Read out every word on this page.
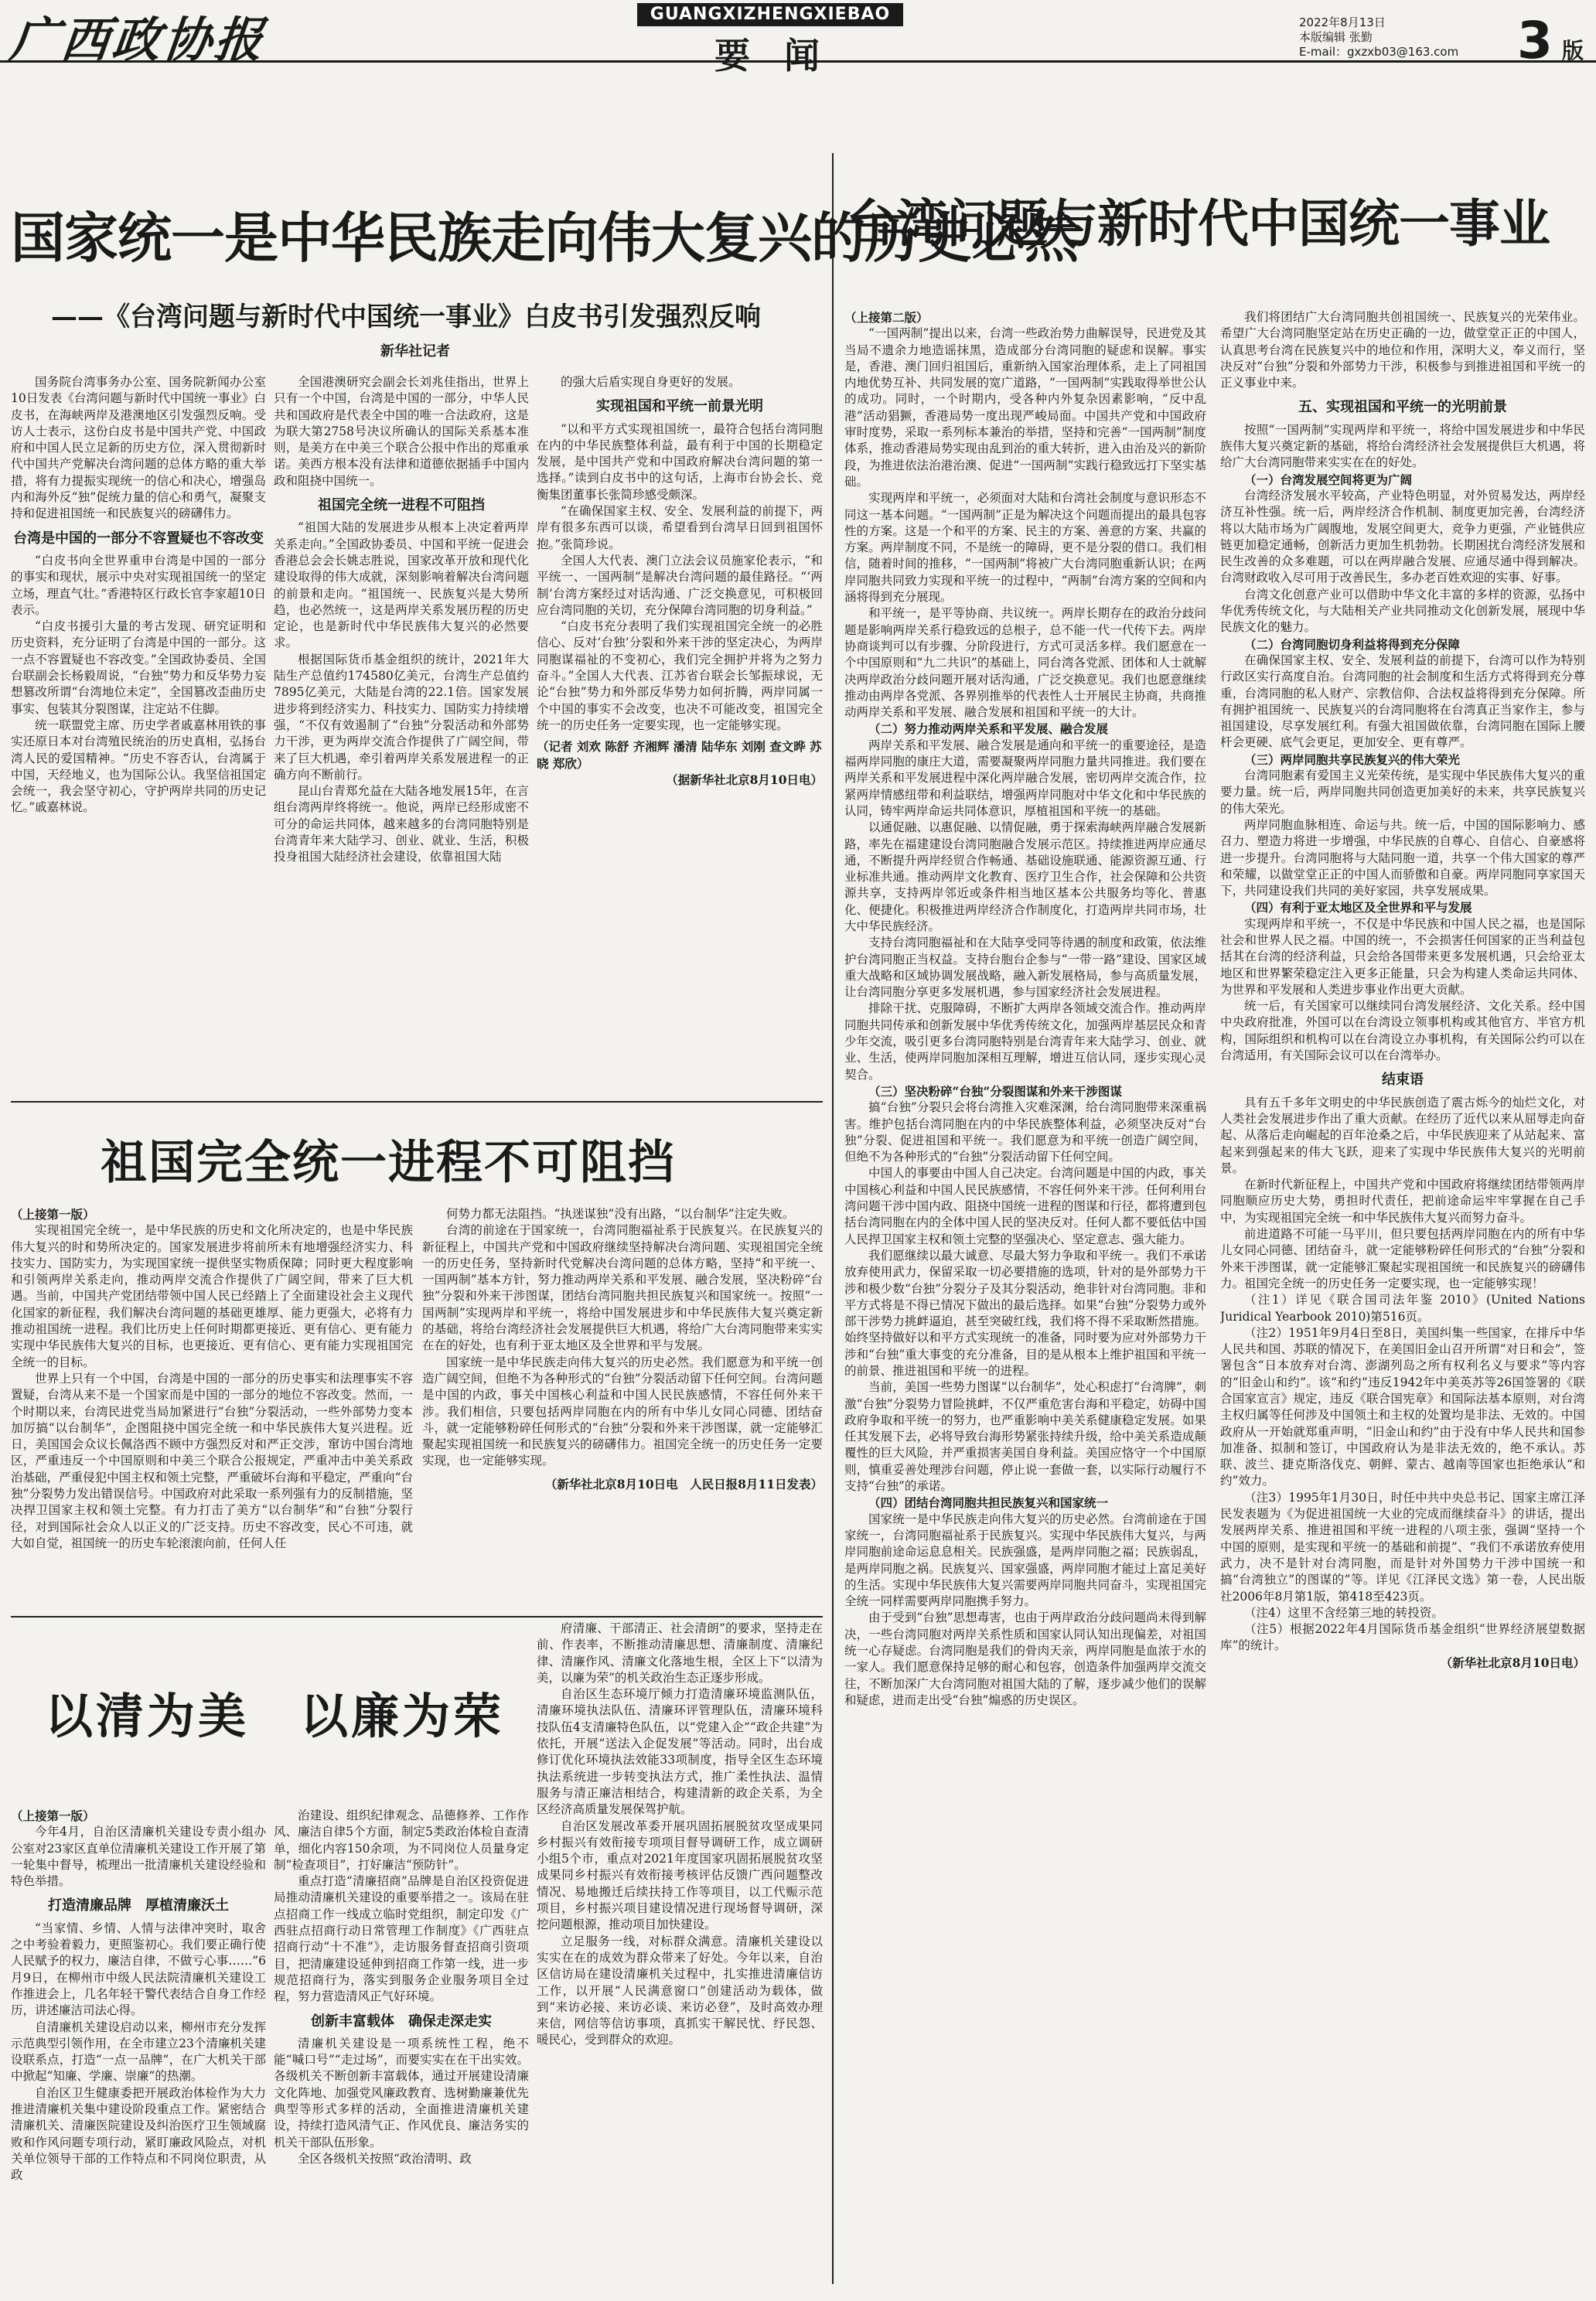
广西政协报	GUANGXIZHENGXIEBAO
要闻
2022年8月13日
本版编辑 张勤
E-mail：gxzxb03@163.com 3 版
国家统一是中华民族走向伟大复兴的历史必然
——《台湾问题与新时代中国统一事业》白皮书引发强烈反响
新华社记者

国务院台湾事务办公室、国务院新闻办公室10日发表《台湾问题与新时代中国统一事业》白皮书，在海峡两岸及港澳地区引发强烈反响。受访人士表示，这份白皮书是中国共产党、中国政府和中国人民立足新的历史方位，深入贯彻新时代中国共产党解决台湾问题的总体方略的重大举措，将有力提振实现统一的信心和决心，增强岛内和海外反“独”促统力量的信心和勇气，凝聚支持和促进祖国统一和民族复兴的磅礴伟力。

台湾是中国的一部分不容置疑也不容改变

“白皮书向全世界重申台湾是中国的一部分的事实和现状，展示中央对实现祖国统一的坚定立场，理直气壮。”香港特区行政长官李家超10日表示。

“白皮书援引大量的考古发现、研究证明和历史资料，充分证明了台湾是中国的一部分。这一点不容置疑也不容改变。”全国政协委员、全国台联副会长杨毅周说，“台独”势力和反华势力妄想篡改所谓“台湾地位未定”，全国篡改歪曲历史事实、包装其分裂图谋，注定站不住脚。

统一联盟党主席、历史学者戚嘉林用铁的事实还原日本对台湾殖民统治的历史真相，弘扬台湾人民的爱国精神。“历史不容否认，台湾属于中国，天经地义，也为国际公认。我坚信祖国定会统一，我会坚守初心，守护两岸共同的历史记忆。”戚嘉林说。

全国港澳研究会副会长刘兆佳指出，世界上只有一个中国，台湾是中国的一部分，中华人民共和国政府是代表全中国的唯一合法政府，这是为联大第2758号决议所确认的国际关系基本准则，是美方在中美三个联合公报中作出的郑重承诺。美西方根本没有法律和道德依据插手中国内政和阻挠中国统一。

祖国完全统一进程不可阻挡

“祖国大陆的发展进步从根本上决定着两岸关系走向。”全国政协委员、中国和平统一促进会香港总会会长姚志胜说，国家改革开放和现代化建设取得的伟大成就，深刻影响着解决台湾问题的前景和走向。“祖国统一、民族复兴是大势所趋，也必然统一，这是两岸关系发展历程的历史定论，也是新时代中华民族伟大复兴的必然要求。

根据国际货币基金组织的统计，2021年大陆生产总值约174580亿美元，台湾生产总值约7895亿美元，大陆是台湾的22.1倍。国家发展进步将到经济实力、科技实力、国防实力持续增强，“不仅有效遏制了“台独”分裂活动和外部势力干涉，更为两岸交流合作提供了广阔空间，带来了巨大机遇，牵引着两岸关系发展进程一的正确方向不断前行。

昆山台青郑允益在大陆各地发展15年，在言组台湾两岸终将统一。他说，两岸已经形成密不可分的命运共同体，越来越多的台湾同胞特别是台湾青年来大陆学习、创业、就业、生活，积极投身祖国大陆经济社会建设，依靠祖国大陆

的强大后盾实现自身更好的发展。

实现祖国和平统一前景光明

“以和平方式实现祖国统一，最符合包括台湾同胞在内的中华民族整体利益，最有利于中国的长期稳定发展，是中国共产党和中国政府解决台湾问题的第一选择。”读到白皮书中的这句话，上海市台协会长、竞衡集团董事长张简珍感受颇深。

“在确保国家主权、安全、发展利益的前提下，两岸有很多东西可以谈，希望看到台湾早日回到祖国怀抱。”张简珍说。

全国人大代表、澳门立法会议员施家伦表示，“和平统一、一国两制”是解决台湾问题的最佳路径。“‘两制’台湾方案经过对话沟通、广泛交换意见，可积极回应台湾同胞的关切，充分保障台湾同胞的切身利益。”

“白皮书充分表明了我们实现祖国完全统一的必胜信心、反对‘台独’分裂和外来干涉的坚定决心，为两岸同胞谋福祉的不变初心，我们完全拥护并将为之努力奋斗。”全国人大代表、江苏省台联会长邹振球说，无论“台独”势力和外部反华势力如何折腾，两岸同属一个中国的事实不会改变，也决不可能改变，祖国完全统一的历史任务一定要实现，也一定能够实现。

（记者 刘欢 陈舒 齐湘辉 潘清 陆华东 刘刚 查文晔 苏晓 郑欣）

（据新华社北京8月10日电）

祖国完全统一进程不可阻挡

（上接第一版）

实现祖国完全统一，是中华民族的历史和文化所决定的，也是中华民族伟大复兴的时和势所决定的。国家发展进步将前所未有地增强经济实力、科技实力、国防实力，为实现国家统一提供坚实物质保障；同时更大程度影响和引领两岸关系走向，推动两岸交流合作提供了广阔空间，带来了巨大机遇。当前，中国共产党团结带领中国人民已经踏上了全面建设社会主义现代化国家的新征程，我们解决台湾问题的基础更雄厚、能力更强大，必将有力推动祖国统一进程。我们比历史上任何时期都更接近、更有信心、更有能力实现中华民族伟大复兴的目标，也更接近、更有信心、更有能力实现祖国完全统一的目标。

世界上只有一个中国，台湾是中国的一部分的历史事实和法理事实不容置疑，台湾从来不是一个国家而是中国的一部分的地位不容改变。然而，一个时期以来，台湾民进党当局加紧进行“台独”分裂活动，一些外部势力变本加厉搞“以台制华”，企图阻挠中国完全统一和中华民族伟大复兴进程。近日，美国国会众议长佩洛西不顾中方强烈反对和严正交涉，窜访中国台湾地区，严重违反一个中国原则和中美三个联合公报规定，严重冲击中美关系政治基础，严重侵犯中国主权和领土完整，严重破坏台海和平稳定，严重向“台独”分裂势力发出错误信号。中国政府对此采取一系列强有力的反制措施，坚决捍卫国家主权和领土完整。有力打击了美方“以台制华”和“台独”分裂行径，对到国际社会众人以正义的广泛支持。历史不容改变，民心不可违，就大如自觉，祖国统一的历史车轮滚滚向前，任何人任

何势力都无法阻挡。“执迷谋独”没有出路，“以台制华”注定失败。

台湾的前途在于国家统一，台湾同胞福祉系于民族复兴。在民族复兴的新征程上，中国共产党和中国政府继续坚持解决台湾问题、实现祖国完全统一的历史任务，坚持新时代党解决台湾问题的总体方略，坚持“和平统一、一国两制”基本方针，努力推动两岸关系和平发展、融合发展，坚决粉碎“台独”分裂和外来干涉图谋，团结台湾同胞共担民族复兴和国家统一。按照“一国两制”实现两岸和平统一，将给中国发展进步和中华民族伟大复兴奠定新的基础，将给台湾经济社会发展提供巨大机遇，将给广大台湾同胞带来实实在在的好处，也有利于亚太地区及全世界和平与发展。

国家统一是中华民族走向伟大复兴的历史必然。我们愿意为和平统一创造广阔空间，但绝不为各种形式的“台独”分裂活动留下任何空间。台湾问题是中国的内政，事关中国核心利益和中国人民民族感情，不容任何外来干涉。我们相信，只要包括两岸同胞在内的所有中华儿女同心同德、团结奋斗，就一定能够粉碎任何形式的“台独”分裂和外来干涉图谋，就一定能够汇聚起实现祖国统一和民族复兴的磅礴伟力。祖国完全统一的历史任务一定要实现，也一定能够实现。

（新华社北京8月10日电　人民日报8月11日发表）

以清为美　以廉为荣

（上接第一版）

今年4月，自治区清廉机关建设专责小组办公室对23家区直单位清廉机关建设工作开展了第一轮集中督导，梳理出一批清廉机关建设经验和特色举措。

打造清廉品牌　厚植清廉沃土

“当家情、乡情、人情与法律冲突时，取舍之中考验着毅力，更照鉴初心。我们要正确行使人民赋予的权力，廉洁自律，不做亏心事……”6月9日，在柳州市中级人民法院清廉机关建设工作推进会上，几名年轻干警代表结合自身工作经历，讲述廉洁司法心得。

自清廉机关建设启动以来，柳州市充分发挥示范典型引领作用，在全市建立23个清廉机关建设联系点，打造“一点一品牌”，在广大机关干部中掀起“知廉、学廉、崇廉”的热潮。

自治区卫生健康委把开展政治体检作为大力推进清廉机关集中建设阶段重点工作。紧密结合清廉机关、清廉医院建设及纠治医疗卫生领域腐败和作风问题专项行动，紧盯廉政风险点，对机关单位领导干部的工作特点和不同岗位职责，从政

治建设、组织纪律观念、品德修养、工作作风、廉洁自律5个方面，制定5类政治体检自查清单，细化内容150余项，为不同岗位人员量身定制“检查项目”，打好廉洁“预防针”。

重点打造“清廉招商”品牌是自治区投资促进局推动清廉机关建设的重要举措之一。该局在驻点招商工作一线成立临时党组织，制定印发《广西驻点招商行动日常管理工作制度》《广西驻点招商行动“十不准”》，走访服务督查招商引资项目，把清廉建设延伸到招商工作第一线，进一步规范招商行为，落实到服务企业服务项目全过程，努力营造清风正气好环境。

创新丰富载体　确保走深走实

清廉机关建设是一项系统性工程，绝不能“喊口号”“走过场”，而要实实在在干出实效。各级机关不断创新丰富载体，通过开展建设清廉文化阵地、加强党风廉政教育、选树勤廉兼优先典型等形式多样的活动，全面推进清廉机关建设，持续打造风清气正、作风优良、廉洁务实的机关干部队伍形象。

全区各级机关按照“政治清明、政

府清廉、干部清正、社会清朗”的要求，坚持走在前、作表率，不断推动清廉思想、清廉制度、清廉纪律、清廉作风、清廉文化落地生根，全区上下“以清为美，以廉为荣”的机关政治生态正逐步形成。

自治区生态环境厅倾力打造清廉环境监测队伍，清廉环境执法队伍、清廉环评管理队伍，清廉环境科技队伍4支清廉特色队伍，以“党建入企”“政企共建”为依托，开展“送法入企促发展”等活动。同时，出台成修订优化环境执法效能33项制度，指导全区生态环境执法系统进一步转变执法方式，推广柔性执法、温情服务与清正廉洁相结合，构建清新的政企关系，为全区经济高质量发展保驾护航。

自治区发展改革委开展巩固拓展脱贫攻坚成果同乡村振兴有效衔接专项项目督导调研工作，成立调研小组5个市，重点对2021年度国家巩固拓展脱贫攻坚成果同乡村振兴有效衔接考核评估反馈广西问题整改情况、易地搬迁后续扶持工作等项目，以工代赈示范项目，乡村振兴项目建设情况进行现场督导调研，深挖问题根源，推动项目加快建设。

立足服务一线，对标群众满意。清廉机关建设以实实在在的成效为群众带来了好处。今年以来，自治区信访局在建设清廉机关过程中，扎实推进清廉信访工作，以开展“人民满意窗口”创建活动为载体，做到“来访必接、来访必谈、来访必登”，及时高效办理来信，网信等信访事项，真抓实干解民忧、纾民怨、暖民心，受到群众的欢迎。

台湾问题与新时代中国统一事业

（上接第二版）

“一国两制”提出以来，台湾一些政治势力曲解误导，民进党及其当局不遗余力地造谣抹黑，造成部分台湾同胞的疑虑和误解。事实是，香港、澳门回归祖国后，重新纳入国家治理体系，走上了同祖国内地优势互补、共同发展的宽广道路，“一国两制”实践取得举世公认的成功。同时，一个时期内，受各种内外复杂因素影响，“反中乱港”活动猖獗，香港局势一度出现严峻局面。中国共产党和中国政府审时度势，采取一系列标本兼治的举措，坚持和完善“一国两制”制度体系，推动香港局势实现由乱到治的重大转折，进入由治及兴的新阶段，为推进依法治港治澳、促进“一国两制”实践行稳致远打下坚实基础。

实现两岸和平统一，必须面对大陆和台湾社会制度与意识形态不同这一基本问题。“一国两制”正是为解决这个问题而提出的最具包容性的方案。这是一个和平的方案、民主的方案、善意的方案、共赢的方案。两岸制度不同，不是统一的障碍，更不是分裂的借口。我们相信，随着时间的推移，“一国两制”将被广大台湾同胞重新认识；在两岸同胞共同致力实现和平统一的过程中，“两制”台湾方案的空间和内涵将得到充分展现。

和平统一，是平等协商、共议统一。两岸长期存在的政治分歧问题是影响两岸关系行稳致远的总根子，总不能一代一代传下去。两岸协商谈判可以有步骤、分阶段进行，方式可灵活多样。我们愿意在一个中国原则和“九二共识”的基础上，同台湾各党派、团体和人士就解决两岸政治分歧问题开展对话沟通，广泛交换意见。我们也愿意继续推动由两岸各党派、各界别推举的代表性人士开展民主协商，共商推动两岸关系和平发展、融合发展和祖国和平统一的大计。

（二）努力推动两岸关系和平发展、融合发展

两岸关系和平发展、融合发展是通向和平统一的重要途径，是造福两岸同胞的康庄大道，需要凝聚两岸同胞力量共同推进。我们要在两岸关系和平发展进程中深化两岸融合发展，密切两岸交流合作，拉紧两岸情感纽带和利益联结，增强两岸同胞对中华文化和中华民族的认同，铸牢两岸命运共同体意识，厚植祖国和平统一的基础。

以通促融、以惠促融、以情促融，勇于探索海峡两岸融合发展新路，率先在福建建设台湾同胞融合发展示范区。持续推进两岸应通尽通，不断提升两岸经贸合作畅通、基础设施联通、能源资源互通、行业标准共通。推动两岸文化教育、医疗卫生合作，社会保障和公共资源共享，支持两岸邻近或条件相当地区基本公共服务均等化、普惠化、便捷化。积极推进两岸经济合作制度化，打造两岸共同市场，壮大中华民族经济。

支持台湾同胞福祉和在大陆享受同等待遇的制度和政策，依法维护台湾同胞正当权益。支持台胞台企参与“一带一路”建设、国家区域重大战略和区域协调发展战略，融入新发展格局，参与高质量发展，让台湾同胞分享更多发展机遇，参与国家经济社会发展进程。

排除干扰、克服障碍，不断扩大两岸各领域交流合作。推动两岸同胞共同传承和创新发展中华优秀传统文化，加强两岸基层民众和青少年交流，吸引更多台湾同胞特别是台湾青年来大陆学习、创业、就业、生活，使两岸同胞加深相互理解，增进互信认同，逐步实现心灵契合。

（三）坚决粉碎“台独”分裂图谋和外来干涉图谋

搞“台独”分裂只会将台湾推入灾难深渊，给台湾同胞带来深重祸害。维护包括台湾同胞在内的中华民族整体利益，必须坚决反对“台独”分裂、促进祖国和平统一。我们愿意为和平统一创造广阔空间，但绝不为各种形式的“台独”分裂活动留下任何空间。

中国人的事要由中国人自己决定。台湾问题是中国的内政，事关中国核心利益和中国人民民族感情，不容任何外来干涉。任何利用台湾问题干涉中国内政、阻挠中国统一进程的图谋和行径，都将遭到包括台湾同胞在内的全体中国人民的坚决反对。任何人都不要低估中国人民捍卫国家主权和领土完整的坚强决心、坚定意志、强大能力。

我们愿继续以最大诚意、尽最大努力争取和平统一。我们不承诺放弃使用武力，保留采取一切必要措施的选项，针对的是外部势力干涉和极少数“台独”分裂分子及其分裂活动，绝非针对台湾同胞。非和平方式将是不得已情况下做出的最后选择。如果“台独”分裂势力或外部干涉势力挑衅逼迫，甚至突破红线，我们将不得不采取断然措施。始终坚持做好以和平方式实现统一的准备，同时要为应对外部势力干涉和“台独”重大事变的充分准备，目的是从根本上维护祖国和平统一的前景、推进祖国和平统一的进程。

当前，美国一些势力图谋“以台制华”，处心积虑打“台湾牌”，刺激“台独”分裂势力冒险挑衅，不仅严重危害台海和平稳定，妨碍中国政府争取和平统一的努力，也严重影响中美关系健康稳定发展。如果任其发展下去，必将导致台海形势紧张持续升级，给中美关系造成颠覆性的巨大风险，并严重损害美国自身利益。美国应恪守一个中国原则，慎重妥善处理涉台问题，停止说一套做一套，以实际行动履行不支持“台独”的承诺。

（四）团结台湾同胞共担民族复兴和国家统一

国家统一是中华民族走向伟大复兴的历史必然。台湾前途在于国家统一，台湾同胞福祉系于民族复兴。实现中华民族伟大复兴，与两岸同胞前途命运息息相关。民族强盛，是两岸同胞之福；民族弱乱，是两岸同胞之祸。民族复兴、国家强盛，两岸同胞才能过上富足美好的生活。实现中华民族伟大复兴需要两岸同胞共同奋斗，实现祖国完全统一同样需要两岸同胞携手努力。

由于受到“台独”思想毒害，也由于两岸政治分歧问题尚未得到解决，一些台湾同胞对两岸关系性质和国家认同认知出现偏差，对祖国统一心存疑虑。台湾同胞是我们的骨肉天亲，两岸同胞是血浓于水的一家人。我们愿意保持足够的耐心和包容，创造条件加强两岸交流交往，不断加深广大台湾同胞对祖国大陆的了解，逐步减少他们的误解和疑虑，进而走出受“台独”煽惑的历史误区。

我们将团结广大台湾同胞共创祖国统一、民族复兴的光荣伟业。希望广大台湾同胞坚定站在历史正确的一边，做堂堂正正的中国人，认真思考台湾在民族复兴中的地位和作用，深明大义，奉义而行，坚决反对“台独”分裂和外部势力干涉，积极参与到推进祖国和平统一的正义事业中来。

五、实现祖国和平统一的光明前景

按照“一国两制”实现两岸和平统一，将给中国发展进步和中华民族伟大复兴奠定新的基础，将给台湾经济社会发展提供巨大机遇，将给广大台湾同胞带来实实在在的好处。

（一）台湾发展空间将更为广阔

台湾经济发展水平较高，产业特色明显，对外贸易发达，两岸经济互补性强。统一后，两岸经济合作机制、制度更加完善，台湾经济将以大陆市场为广阔腹地，发展空间更大，竞争力更强，产业链供应链更加稳定通畅，创新活力更加生机勃勃。长期困扰台湾经济发展和民生改善的众多难题，可以在两岸融合发展、应通尽通中得到解决。台湾财政收入尽可用于改善民生，多办老百姓欢迎的实事、好事。

台湾文化创意产业可以借助中华文化丰富的多样的资源，弘扬中华优秀传统文化，与大陆相关产业共同推动文化创新发展，展现中华民族文化的魅力。

（二）台湾同胞切身利益将得到充分保障

在确保国家主权、安全、发展利益的前提下，台湾可以作为特别行政区实行高度自治。台湾同胞的社会制度和生活方式将得到充分尊重，台湾同胞的私人财产、宗教信仰、合法权益将得到充分保障。所有拥护祖国统一、民族复兴的台湾同胞将在台湾真正当家作主，参与祖国建设，尽享发展红利。有强大祖国做依靠，台湾同胞在国际上腰杆会更硬、底气会更足，更加安全、更有尊严。

（三）两岸同胞共享民族复兴的伟大荣光

台湾同胞素有爱国主义光荣传统，是实现中华民族伟大复兴的重要力量。统一后，两岸同胞共同创造更加美好的未来，共享民族复兴的伟大荣光。

两岸同胞血脉相连、命运与共。统一后，中国的国际影响力、感召力、塑造力将进一步增强，中华民族的自尊心、自信心、自豪感将进一步提升。台湾同胞将与大陆同胞一道，共享一个伟大国家的尊严和荣耀，以做堂堂正正的中国人而骄傲和自豪。两岸同胞同享家国天下，共同建设我们共同的美好家园，共享发展成果。

（四）有利于亚太地区及全世界和平与发展

实现两岸和平统一，不仅是中华民族和中国人民之福，也是国际社会和世界人民之福。中国的统一，不会损害任何国家的正当利益包括其在台湾的经济利益，只会给各国带来更多发展机遇，只会给亚太地区和世界繁荣稳定注入更多正能量，只会为构建人类命运共同体、为世界和平发展和人类进步事业作出更大贡献。

统一后，有关国家可以继续同台湾发展经济、文化关系。经中国中央政府批准，外国可以在台湾设立领事机构或其他官方、半官方机构，国际组织和机构可以在台湾设立办事机构，有关国际公约可以在台湾适用，有关国际会议可以在台湾举办。

结束语

具有五千多年文明史的中华民族创造了震古烁今的灿烂文化，对人类社会发展进步作出了重大贡献。在经历了近代以来从屈辱走向奋起、从落后走向崛起的百年沧桑之后，中华民族迎来了从站起来、富起来到强起来的伟大飞跃，迎来了实现中华民族伟大复兴的光明前景。

在新时代新征程上，中国共产党和中国政府将继续团结带领两岸同胞顺应历史大势，勇担时代责任，把前途命运牢牢掌握在自己手中，为实现祖国完全统一和中华民族伟大复兴而努力奋斗。

前进道路不可能一马平川，但只要包括两岸同胞在内的所有中华儿女同心同德、团结奋斗，就一定能够粉碎任何形式的“台独”分裂和外来干涉图谋，就一定能够汇聚起实现祖国统一和民族复兴的磅礴伟力。祖国完全统一的历史任务一定要实现，也一定能够实现！

（注1）详见《联合国司法年鉴 2010》(United Nations Juridical Yearbook 2010)第516页。

（注2）1951年9月4日至8日，美国纠集一些国家，在排斥中华人民共和国、苏联的情况下，在美国旧金山召开所谓“对日和会”，签署包含“日本放弃对台湾、澎湖列岛之所有权利名义与要求”等内容的“旧金山和约”。该“和约”违反1942年中美英苏等26国签署的《联合国家宣言》规定，违反《联合国宪章》和国际法基本原则，对台湾主权归属等任何涉及中国领土和主权的处置均是非法、无效的。中国政府从一开始就郑重声明，“旧金山和约”由于没有中华人民共和国参加准备、拟制和签订，中国政府认为是非法无效的，绝不承认。苏联、波兰、捷克斯洛伐克、朝鲜、蒙古、越南等国家也拒绝承认“和约”效力。

（注3）1995年1月30日，时任中共中央总书记、国家主席江泽民发表题为《为促进祖国统一大业的完成而继续奋斗》的讲话，提出发展两岸关系、推进祖国和平统一进程的八项主张，强调“坚持一个中国的原则，是实现和平统一的基础和前提”、“我们不承诺放弃使用武力，决不是针对台湾同胞，而是针对外国势力干涉中国统一和搞“台湾独立”的图谋的”等。详见《江泽民文选》第一卷，人民出版社2006年8月第1版，第418至423页。

（注4）这里不含经第三地的转投资。

（注5）根据2022年4月国际货币基金组织“世界经济展望数据库”的统计。

（新华社北京8月10日电）
